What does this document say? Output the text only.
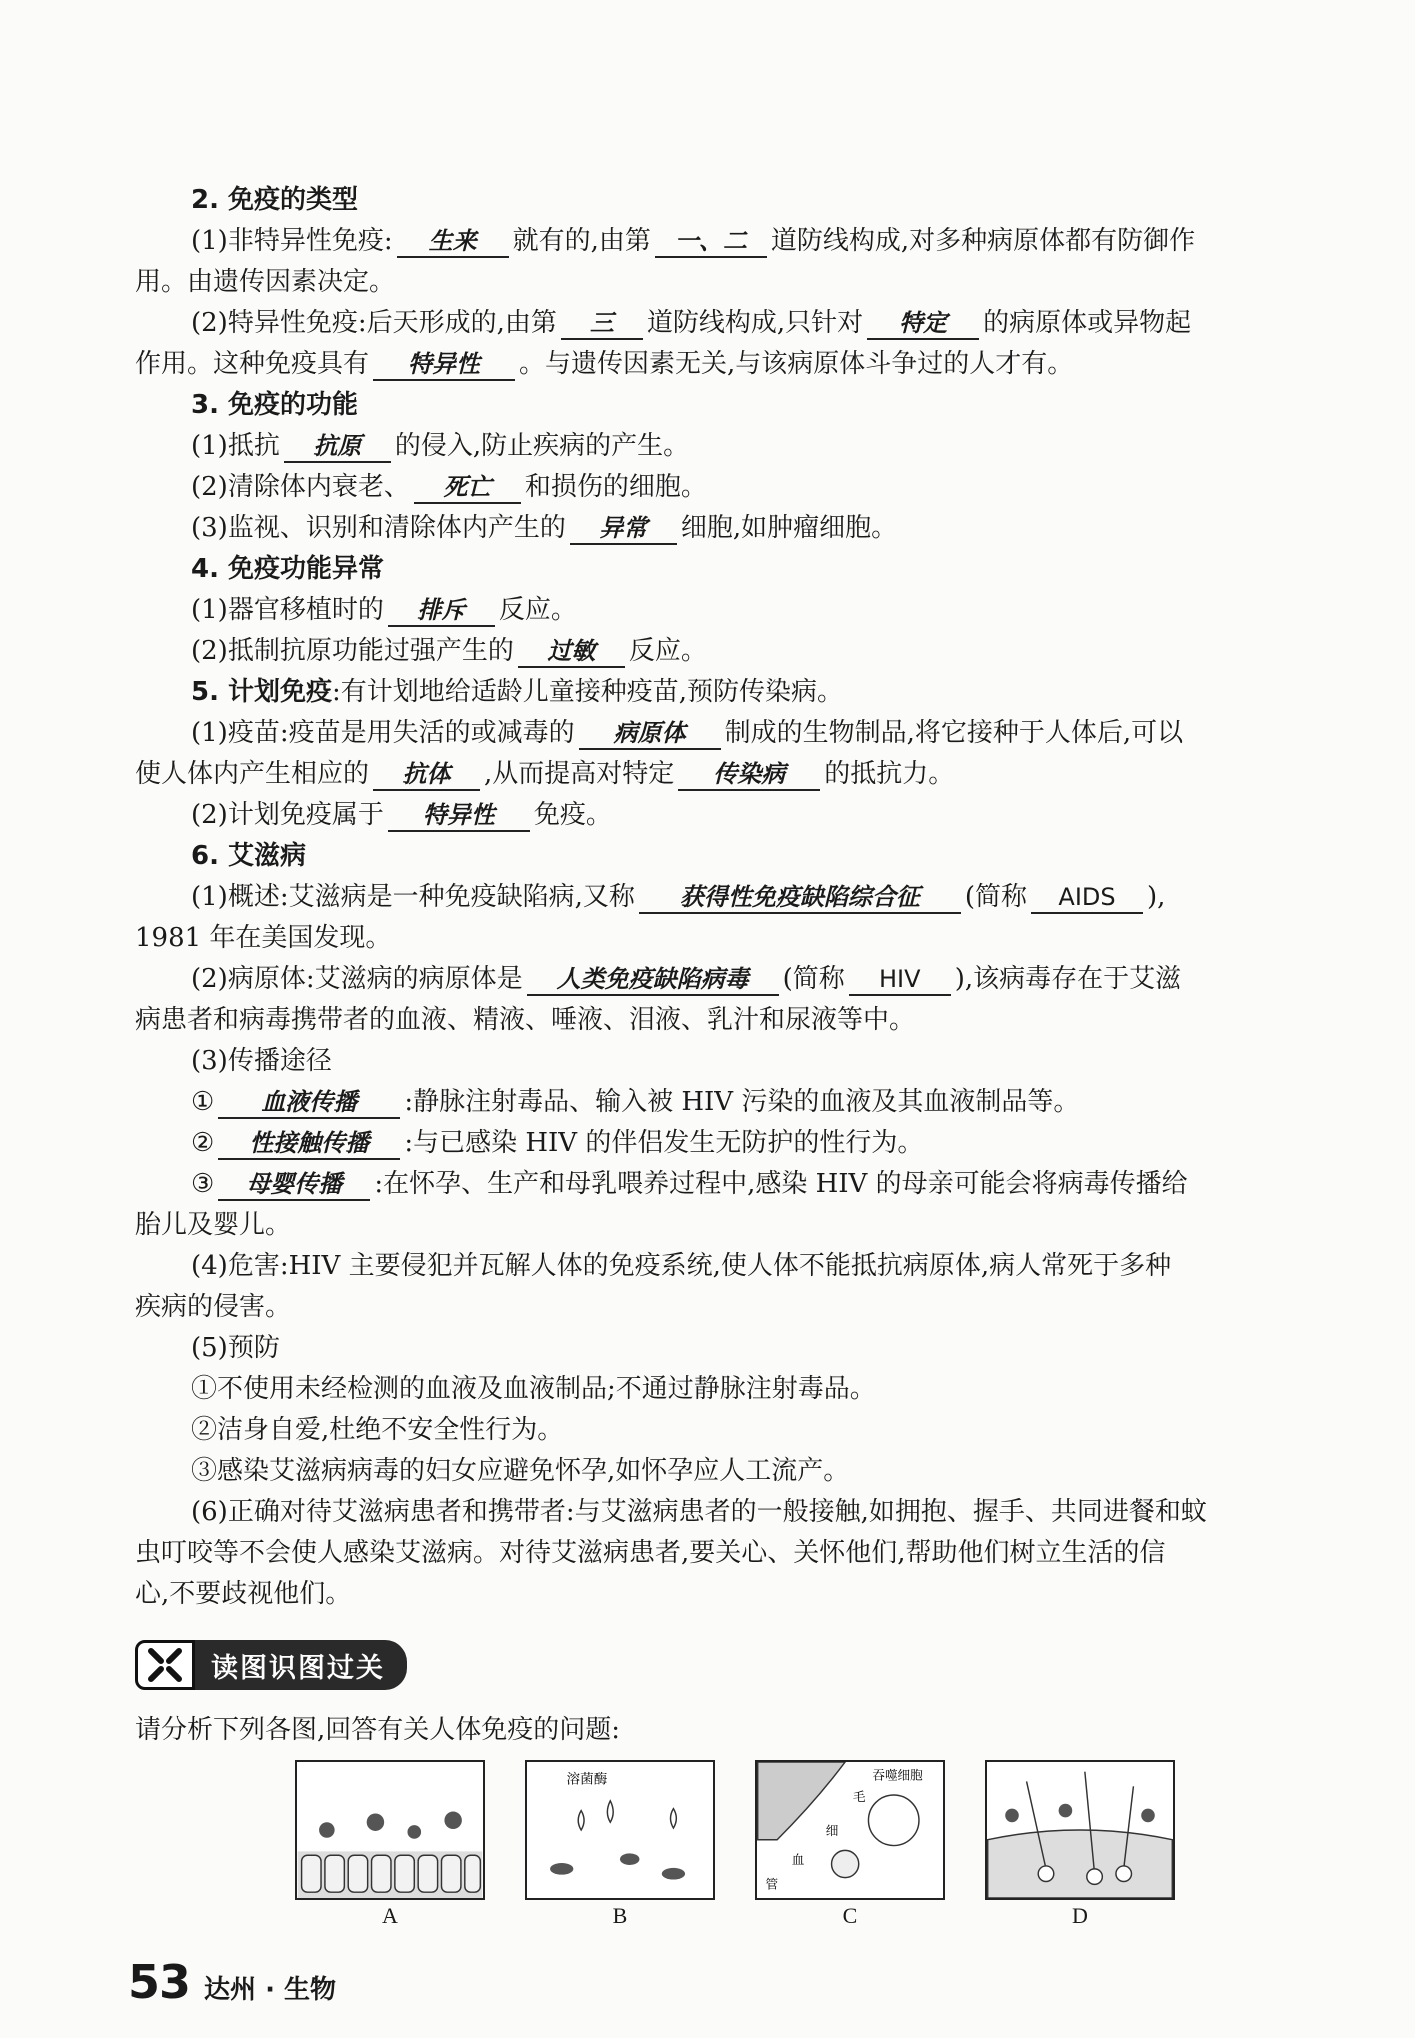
2. 免疫的类型
(1)非特异性免疫: 生来 就有的,由第 一、二 道防线构成,对多种病原体都有防御作
用。由遗传因素决定。
(2)特异性免疫:后天形成的,由第 三 道防线构成,只针对 特定 的病原体或异物起
作用。这种免疫具有 特异性 。与遗传因素无关,与该病原体斗争过的人才有。
3. 免疫的功能
(1)抵抗 抗原 的侵入,防止疾病的产生。
(2)清除体内衰老、 死亡 和损伤的细胞。
(3)监视、识别和清除体内产生的 异常 细胞,如肿瘤细胞。
4. 免疫功能异常
(1)器官移植时的 排斥 反应。
(2)抵制抗原功能过强产生的 过敏 反应。
5. 计划免疫:有计划地给适龄儿童接种疫苗,预防传染病。
(1)疫苗:疫苗是用失活的或减毒的 病原体 制成的生物制品,将它接种于人体后,可以
使人体内产生相应的 抗体 ,从而提高对特定 传染病 的抵抗力。
(2)计划免疫属于 特异性 免疫。
6. 艾滋病
(1)概述:艾滋病是一种免疫缺陷病,又称 获得性免疫缺陷综合征 (简称 AIDS ),
1981 年在美国发现。
(2)病原体:艾滋病的病原体是 人类免疫缺陷病毒 (简称 HIV ),该病毒存在于艾滋
病患者和病毒携带者的血液、精液、唾液、泪液、乳汁和尿液等中。
(3)传播途径
① 血液传播 :静脉注射毒品、输入被 HIV 污染的血液及其血液制品等。
② 性接触传播 :与已感染 HIV 的伴侣发生无防护的性行为。
③ 母婴传播 :在怀孕、生产和母乳喂养过程中,感染 HIV 的母亲可能会将病毒传播给
胎儿及婴儿。
(4)危害:HIV 主要侵犯并瓦解人体的免疫系统,使人体不能抵抗病原体,病人常死于多种
疾病的侵害。
(5)预防
①不使用未经检测的血液及血液制品;不通过静脉注射毒品。
②洁身自爱,杜绝不安全性行为。
③感染艾滋病病毒的妇女应避免怀孕,如怀孕应人工流产。
(6)正确对待艾滋病患者和携带者:与艾滋病患者的一般接触,如拥抱、握手、共同进餐和蚊
虫叮咬等不会使人感染艾滋病。对待艾滋病患者,要关心、关怀他们,帮助他们树立生活的信
心,不要歧视他们。
读图识图过关
请分析下列各图,回答有关人体免疫的问题:
A
溶菌酶
B
吞噬细胞
毛
细
血
管
C	D
53 达州 · 生物
